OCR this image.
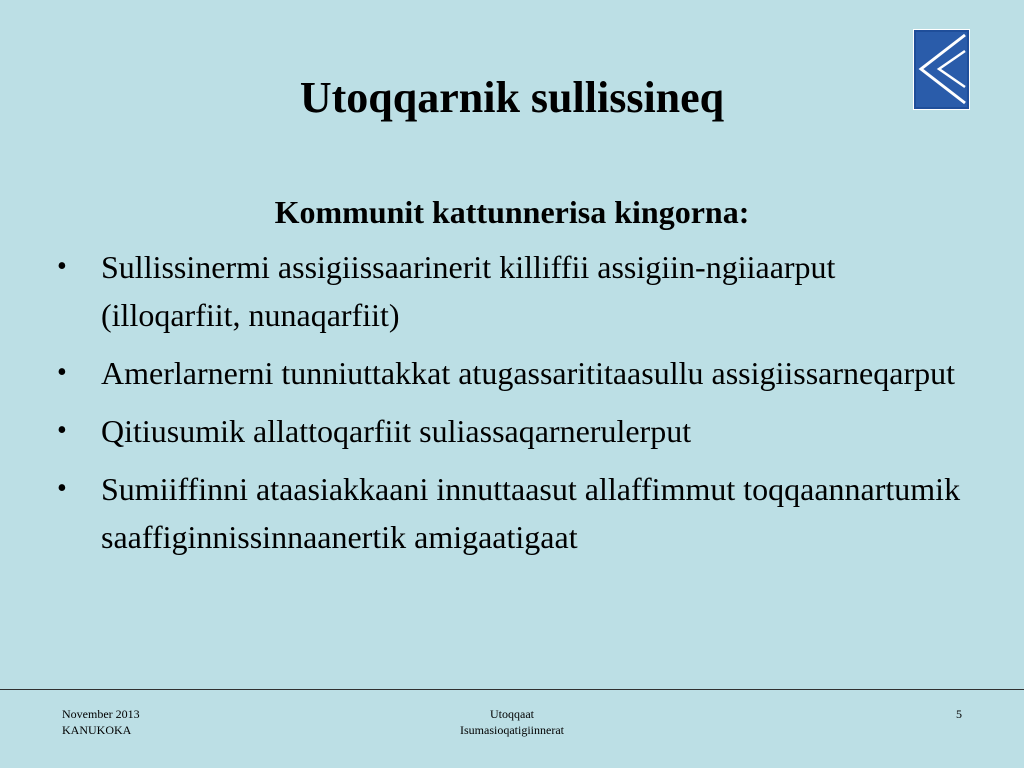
Utoqqarnik sullissineq
Kommunit kattunnerisa kingorna:
• Sullissinermi assigiissaarinerit killiffii assigiin-ngiiaarput (illoqarfiit, nunaqarfiit)
• Amerlarnerni tunniuttakkat atugassarititaasullu assigiissarneqarput
• Qitiusumik allattoqarfiit suliassaqarnerulerput
• Sumiiffinni ataasiakkaani innuttaasut allaffimmut toqqaannartumik saaffiginnissinnaanertik amigaatigaat
November 2013
KANUKOKA
Utoqqaat
Isumasioqatigiinnerat
5
